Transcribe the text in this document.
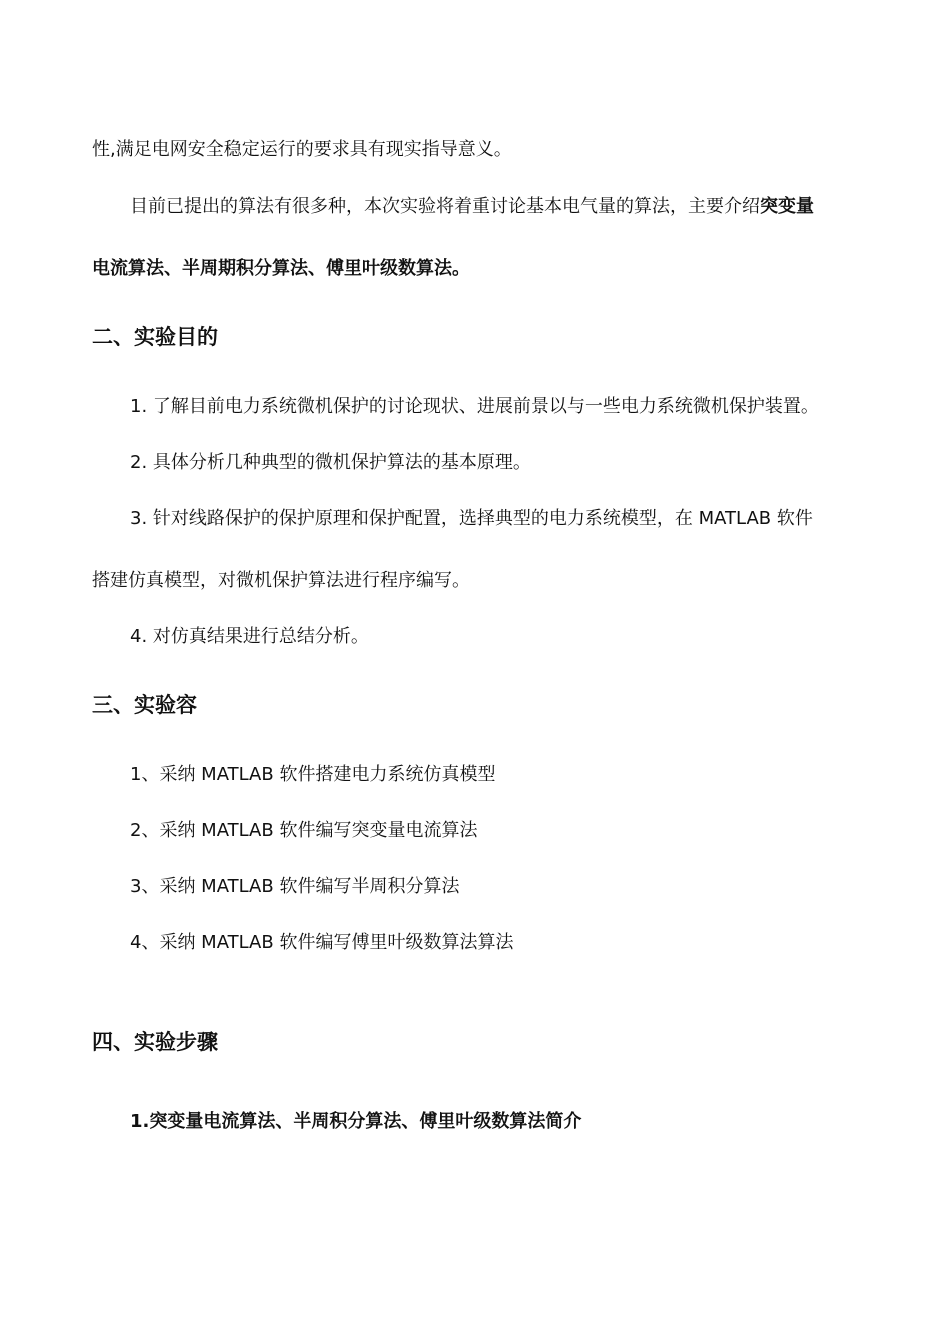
性,满足电网安全稳定运行的要求具有现实指导意义。
目前已提出的算法有很多种，本次实验将着重讨论基本电气量的算法，主要介绍突变量
电流算法、半周期积分算法、傅里叶级数算法。
二、实验目的
1. 了解目前电力系统微机保护的讨论现状、进展前景以与一些电力系统微机保护装置。
2. 具体分析几种典型的微机保护算法的基本原理。
3. 针对线路保护的保护原理和保护配置，选择典型的电力系统模型，在 MATLAB 软件
搭建仿真模型，对微机保护算法进行程序编写。
4. 对仿真结果进行总结分析。
三、实验容
1、采纳 MATLAB 软件搭建电力系统仿真模型
2、采纳 MATLAB 软件编写突变量电流算法
3、采纳 MATLAB 软件编写半周积分算法
4、采纳 MATLAB 软件编写傅里叶级数算法算法
四、实验步骤
1.突变量电流算法、半周积分算法、傅里叶级数算法简介
